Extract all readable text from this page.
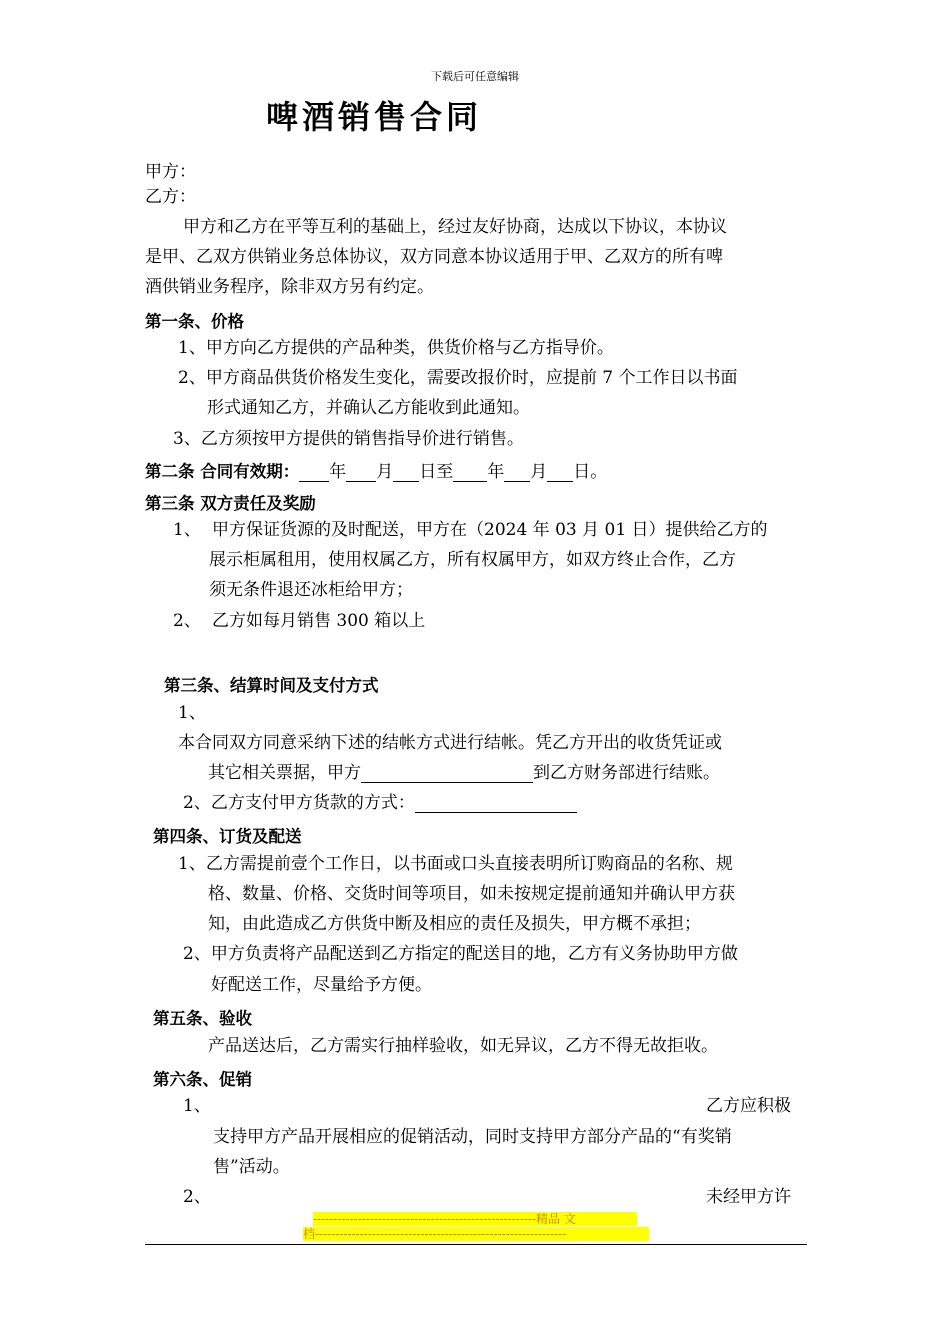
下载后可任意编辑
啤酒销售合同
甲方：
乙方：
甲方和乙方在平等互利的基础上，经过友好协商，达成以下协议，本协议
是甲、乙双方供销业务总体协议，双方同意本协议适用于甲、乙双方的所有啤
酒供销业务程序，除非双方另有约定。
第一条、价格
1、甲方向乙方提供的产品种类，供货价格与乙方指导价。
2、甲方商品供货价格发生变化，需要改报价时，应提前 7 个工作日以书面
形式通知乙方，并确认乙方能收到此通知。
3、乙方须按甲方提供的销售指导价进行销售。
第二条 合同有效期： 年 月 日至 年 月 日。
第三条 双方责任及奖励
1、 甲方保证货源的及时配送，甲方在（2024 年 03 月 01 日）提供给乙方的
展示柜属租用，使用权属乙方，所有权属甲方，如双方终止合作，乙方
须无条件退还冰柜给甲方；
2、 乙方如每月销售 300 箱以上
第三条、结算时间及支付方式
1、
本合同双方同意采纳下述的结帐方式进行结帐。凭乙方开出的收货凭证或
其它相关票据，甲方	到乙方财务部进行结账。
2、乙方支付甲方货款的方式：
第四条、订货及配送
1、乙方需提前壹个工作日，以书面或口头直接表明所订购商品的名称、规
格、数量、价格、交货时间等项目，如未按规定提前通知并确认甲方获
知，由此造成乙方供货中断及相应的责任及损失，甲方概不承担；
2、甲方负责将产品配送到乙方指定的配送目的地，乙方有义务协助甲方做
好配送工作，尽量给予方便。
第五条、验收
产品送达后，乙方需实行抽样验收，如无异议，乙方不得无故拒收。
第六条、促销
1、	乙方应积极
支持甲方产品开展相应的促销活动，同时支持甲方部分产品的“有奖销
售”活动。
2、	未经甲方许
-------------------------------------------------------精品 文
档--------------------------------------------------------------
